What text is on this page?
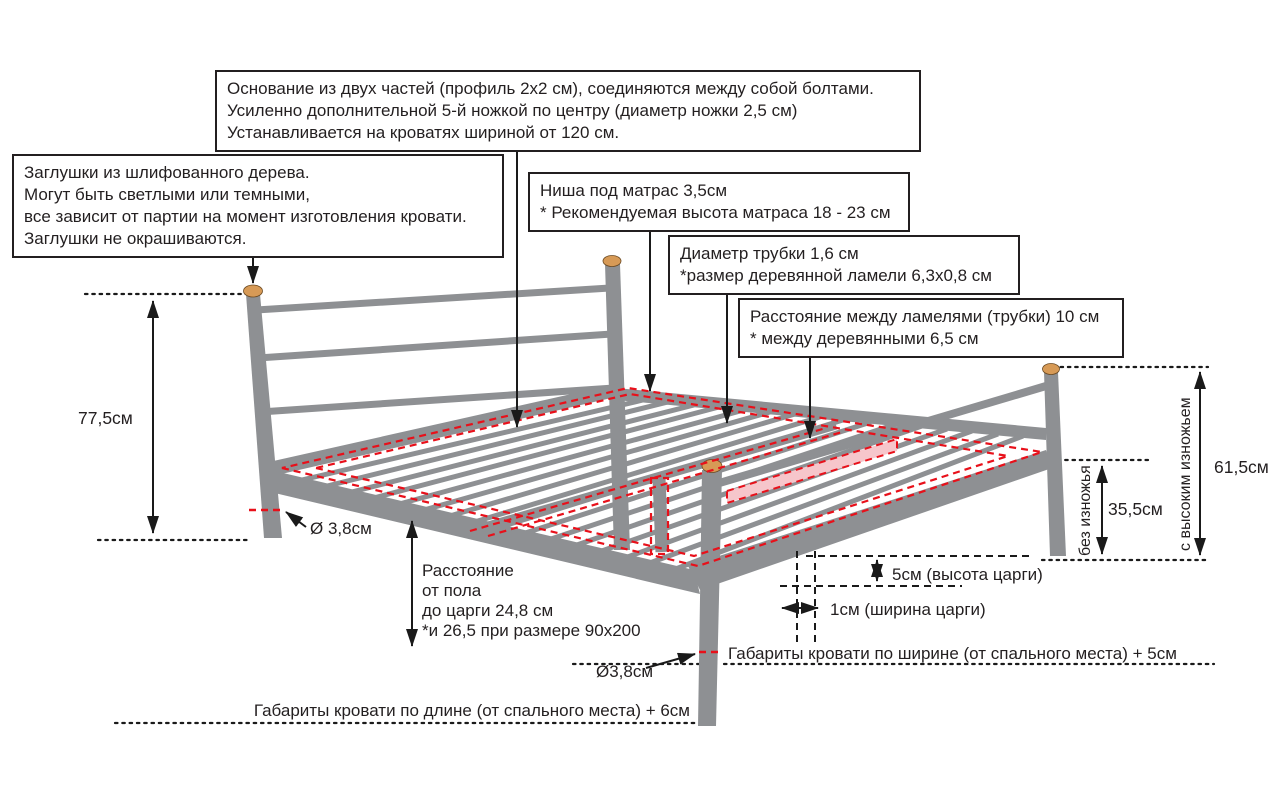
77,5см
Ø 3,8см
Расстояние
от пола
до царги 24,8 см
*и 26,5 при размере 90х200
Ø3,8см
Габариты кровати по ширине (от спального места) + 5см
Габариты кровати по длине (от спального места) + 6см
5см (высота царги)
1см (ширина царги)
35,5см
61,5см
без изножья	с высоким изножьем
Основание из двух частей (профиль 2х2 см), соединяются между собой болтами.
Усиленно дополнительной 5-й ножкой по центру (диаметр ножки 2,5 см)
Устанавливается на кроватях шириной от 120 см.
Заглушки из шлифованного дерева.
Могут быть светлыми или темными,
все зависит от партии на момент изготовления кровати.
Заглушки не окрашиваются.
Ниша под матрас 3,5см
* Рекомендуемая высота матраса 18 - 23 см
Диаметр трубки 1,6 см
*размер деревянной ламели 6,3х0,8 см
Расстояние между ламелями (трубки) 10 см
* между деревянными 6,5 см
